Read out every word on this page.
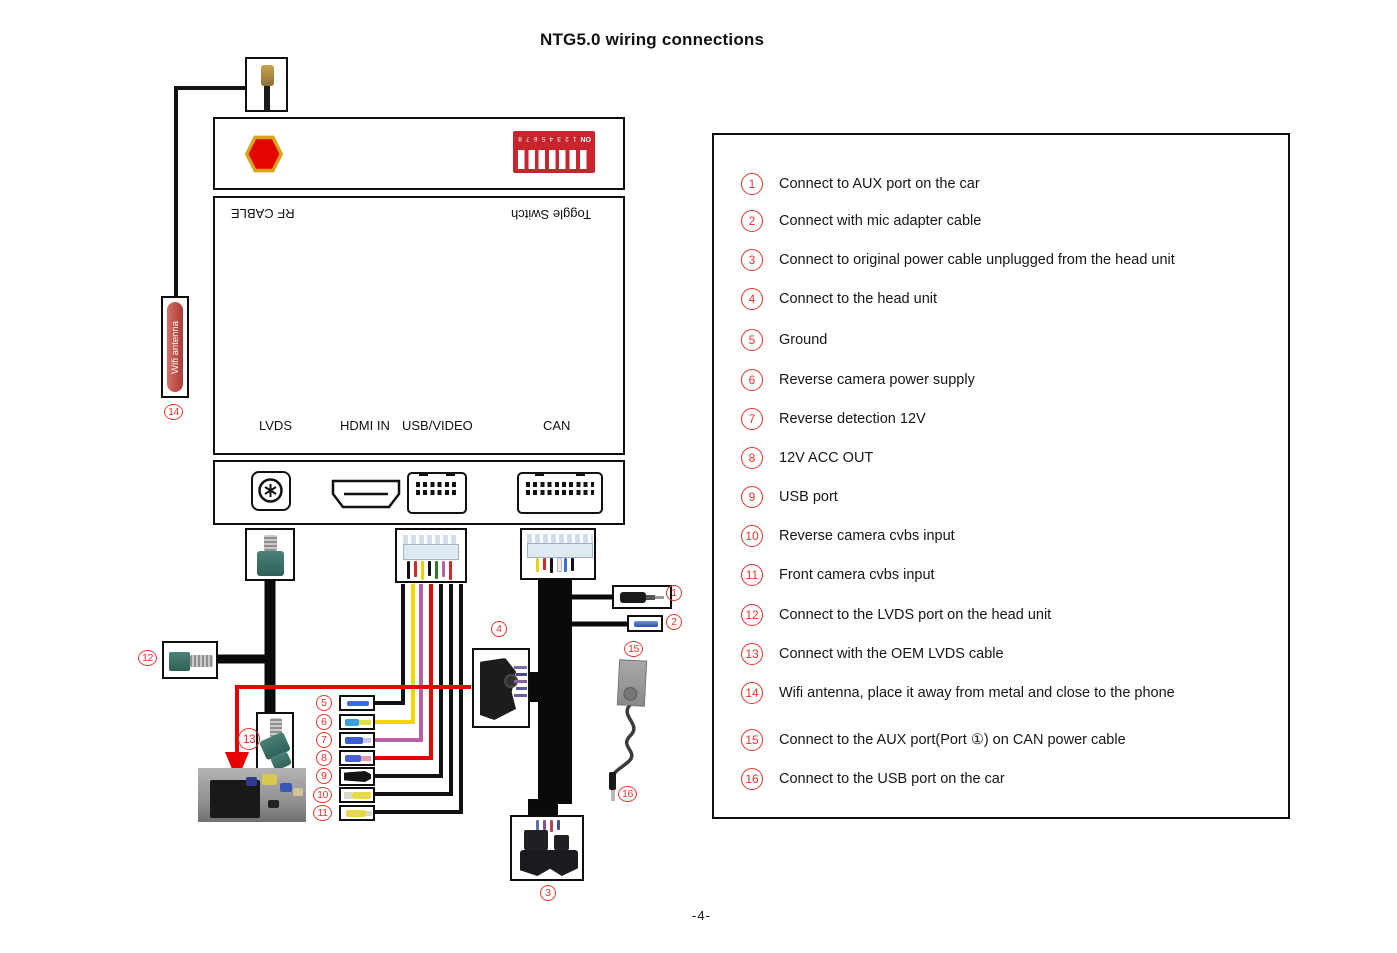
NTG5.0 wiring connections
ON
1 2 3 4 5 6 7 8
RF CABLE	Toggle Switch
LVDS	HDMI IN USB/VIDEO	CAN
Wifi antenna
1
2
3
4
5
6
7
8
9
10
11
12
13
14
15
16
1	Connect to AUX port on the car
2	Connect with mic adapter cable
3	Connect to original power cable unplugged from the head unit
4	Connect to the head unit
5	Ground
6	Reverse camera power supply
7	Reverse detection 12V
8	12V ACC OUT
9	USB port
10 Reverse camera cvbs input
11	Front camera cvbs input
12 Connect to the LVDS port on the head unit
13 Connect with the OEM LVDS cable
14 Wifi antenna, place it away from metal and close to the phone
15 Connect to the AUX port(Port ①) on CAN power cable
16 Connect to the USB port on the car
-4-
